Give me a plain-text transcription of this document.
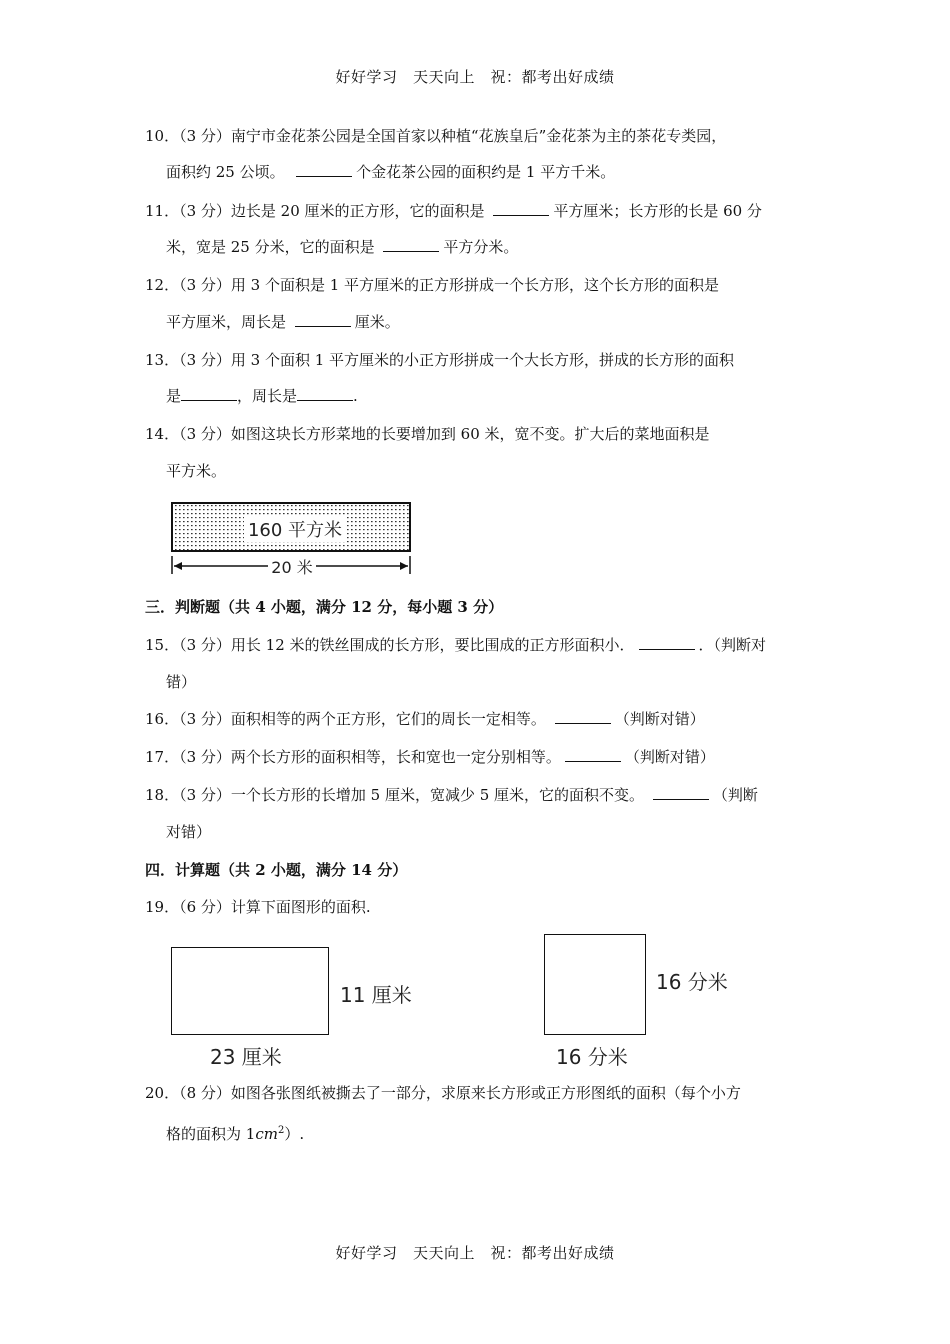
好好学习　天天向上　祝：都考出好成绩
10．（3 分）南宁市金花茶公园是全国首家以种植“花族皇后”金花茶为主的茶花专类园，
面积约 25 公顷。　	个金花茶公园的面积约是 1 平方千米。
11．（3 分）边长是 20 厘米的正方形，它的面积是	平方厘米；长方形的长是 60 分
米，宽是 25 分米，它的面积是	平方分米。
12．（3 分）用 3 个面积是 1 平方厘米的正方形拼成一个长方形，这个长方形的面积是
平方厘米，周长是	厘米。
13．（3 分）用 3 个面积 1 平方厘米的小正方形拼成一个大长方形，拼成的长方形的面积
是	，周长是	.
14．（3 分）如图这块长方形菜地的长要增加到 60 米，宽不变。扩大后的菜地面积是
平方米。
160 平方米
20 米
三．判断题（共 4 小题，满分 12 分，每小题 3 分）
15．（3 分）用长 12 米的铁丝围成的长方形，要比围成的正方形面积小．	．（判断对
错）
16．（3 分）面积相等的两个正方形，它们的周长一定相等。	（判断对错）
17．（3 分）两个长方形的面积相等，长和宽也一定分别相等。	（判断对错）
18．（3 分）一个长方形的长增加 5 厘米，宽减少 5 厘米，它的面积不变。	（判断
对错）
四．计算题（共 2 小题，满分 14 分）
19．（6 分）计算下面图形的面积.
11 厘米
23 厘米
16 分米
16 分米
20．（8 分）如图各张图纸被撕去了一部分，求原来长方形或正方形图纸的面积（每个小方
格的面积为 $1cm^2$）.
好好学习　天天向上　祝：都考出好成绩
